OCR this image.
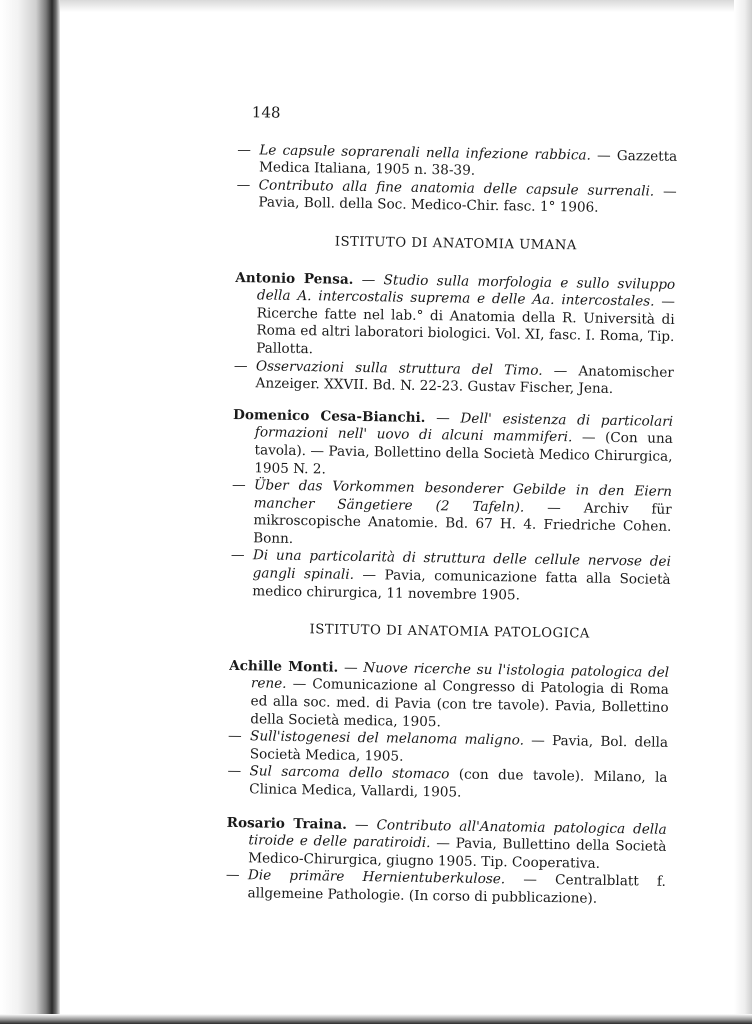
148

— Le capsule soprarenali nella infezione rabbica. — Gazzetta Medica Italiana, 1905 n. 38-39.

— Contributo alla fine anatomia delle capsule surrenali. — Pavia, Boll. della Soc. Medico-Chir. fasc. 1° 1906.

ISTITUTO DI ANATOMIA UMANA

Antonio Pensa. — Studio sulla morfologia e sullo sviluppo della A. intercostalis suprema e delle Aa. intercostales. — Ricerche fatte nel lab.° di Anatomia della R. Università di Roma ed altri laboratori biologici. Vol. XI, fasc. I. Roma, Tip. Pallotta.

— Osservazioni sulla struttura del Timo. — Anatomischer Anzeiger. XXVII. Bd. N. 22-23. Gustav Fischer, Jena.

Domenico Cesa-Bianchi. — Dell' esistenza di particolari formazioni nell' uovo di alcuni mammiferi. — (Con una tavola). — Pavia, Bollettino della Società Medico Chirurgica, 1905 N. 2.

— Über das Vorkommen besonderer Gebilde in den Eiern mancher Sängetiere (2 Tafeln). — Archiv für mikroscopische Anatomie. Bd. 67 H. 4. Friedriche Cohen. Bonn.

— Di una particolarità di struttura delle cellule nervose dei gangli spinali. — Pavia, comunicazione fatta alla Società medico chirurgica, 11 novembre 1905.

ISTITUTO DI ANATOMIA PATOLOGICA

Achille Monti. — Nuove ricerche su l'istologia patologica del rene. — Comunicazione al Congresso di Patologia di Roma ed alla soc. med. di Pavia (con tre tavole). Pavia, Bollettino della Società medica, 1905.

— Sull'istogenesi del melanoma maligno. — Pavia, Bol. della Società Medica, 1905.

— Sul sarcoma dello stomaco (con due tavole). Milano, la Clinica Medica, Vallardi, 1905.

Rosario Traina. — Contributo all'Anatomia patologica della tiroide e delle paratiroidi. — Pavia, Bullettino della Società Medico-Chirurgica, giugno 1905. Tip. Cooperativa.

— Die primäre Hernientuberkulose. — Centralblatt f. allgemeine Pathologie. (In corso di pubblicazione).
